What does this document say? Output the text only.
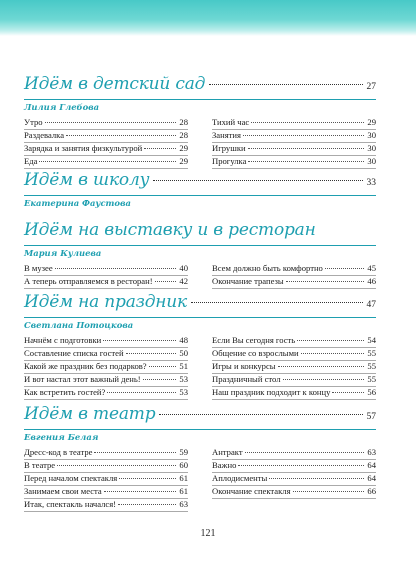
Идём в детский сад	27
Лилия Глебова
Утро	28
Раздевалка	28
Зарядка и занятия физкультурой	29
Еда	29
Тихий час	29
Занятия	30
Игрушки	30
Прогулка	30
Идём в школу	33
Екатерина Фаустова
Идём на выставку и в ресторан
Мария Кулиева
В музее	40
А теперь отправляемся в ресторан!	42
Всем должно быть комфортно	45
Окончание трапезы	46
Идём на праздник	47
Светлана Потоцкова
Начнём с подготовки	48
Составление списка гостей	50
Какой же праздник без подарков?	51
И вот настал этот важный день!	53
Как встретить гостей?	53
Если Вы сегодня гость	54
Общение со взрослыми	55
Игры и конкурсы	55
Праздничный стол	55
Наш праздник подходит к концу	56
Идём в театр	57
Евгения Белая
Дресс-код в театре	59
В театре	60
Перед началом спектакля	61
Занимаем свои места	61
Итак, спектакль начался!	63
Антракт	63
Важно	64
Аплодисменты	64
Окончание спектакля	66
121
